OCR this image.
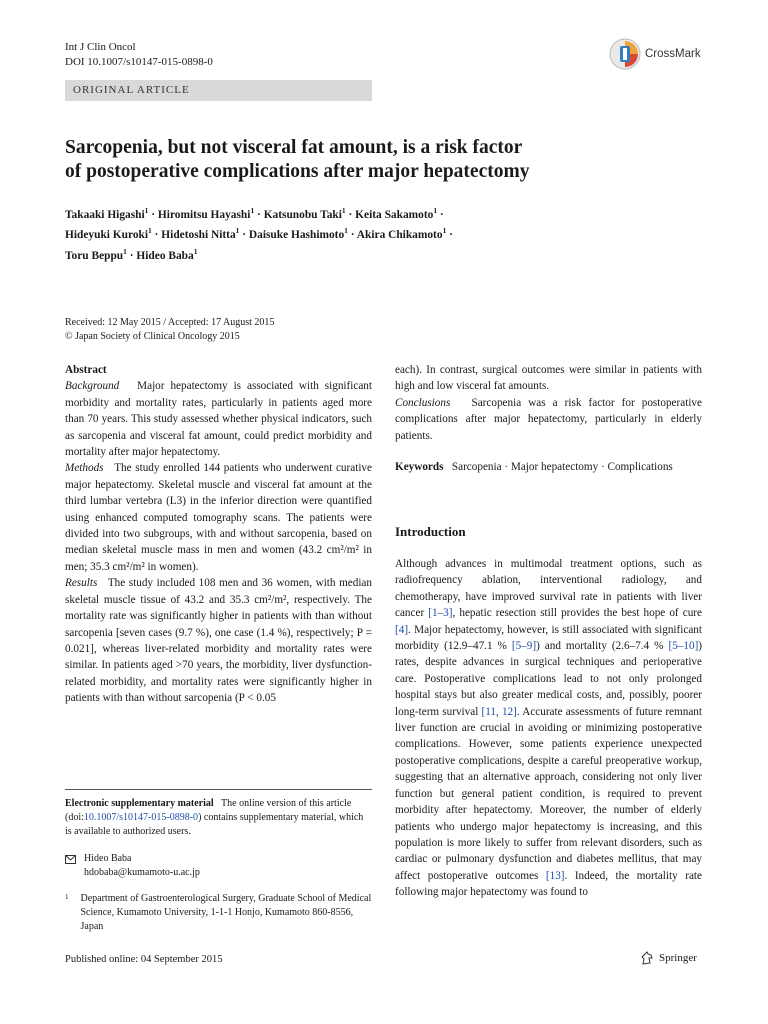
Int J Clin Oncol
DOI 10.1007/s10147-015-0898-0
CrossMark
ORIGINAL ARTICLE
Sarcopenia, but not visceral fat amount, is a risk factor
of postoperative complications after major hepatectomy
Takaaki Higashi$^1$ · Hiromitsu Hayashi$^1$ · Katsunobu Taki$^1$ · Keita Sakamoto$^1$ ·
Hideyuki Kuroki$^1$ · Hidetoshi Nitta$^1$ · Daisuke Hashimoto$^1$ · Akira Chikamoto$^1$ ·
Toru Beppu$^1$ · Hideo Baba$^1$
Received: 12 May 2015 / Accepted: 17 August 2015
© Japan Society of Clinical Oncology 2015

Abstract

Background Major hepatectomy is associated with significant morbidity and mortality rates, particularly in patients aged more than 70 years. This study assessed whether physical indicators, such as sarcopenia and visceral fat amount, could predict morbidity and mortality after major hepatectomy.

Methods The study enrolled 144 patients who underwent curative major hepatectomy. Skeletal muscle and visceral fat amount at the third lumbar vertebra (L3) in the inferior direction were quantified using enhanced computed tomography scans. The patients were divided into two subgroups, with and without sarcopenia, based on median skeletal muscle mass in men and women (43.2 cm²/m² in men; 35.3 cm²/m² in women).

Results The study included 108 men and 36 women, with median skeletal muscle tissue of 43.2 and 35.3 cm²/m², respectively. The mortality rate was significantly higher in patients with than without sarcopenia [seven cases (9.7 %), one case (1.4 %), respectively; P = 0.021], whereas liver-related morbidity and mortality rates were similar. In patients aged >70 years, the morbidity, liver dysfunction-related morbidity, and mortality rates were significantly higher in patients with than without sarcopenia (P < 0.05

each). In contrast, surgical outcomes were similar in patients with high and low visceral fat amounts.

Conclusions Sarcopenia was a risk factor for postoperative complications after major hepatectomy, particularly in elderly patients.

Keywords Sarcopenia · Major hepatectomy · Complications

Introduction

Although advances in multimodal treatment options, such as radiofrequency ablation, interventional radiology, and chemotherapy, have improved survival rate in patients with liver cancer [1–3], hepatic resection still provides the best hope of cure [4]. Major hepatectomy, however, is still associated with significant morbidity (12.9–47.1 % [5–9]) and mortality (2.6–7.4 % [5–10]) rates, despite advances in surgical techniques and perioperative care. Postoperative complications lead to not only prolonged hospital stays but also greater medical costs, and, possibly, poorer long-term survival [11, 12]. Accurate assessments of future remnant liver function are crucial in avoiding or minimizing postoperative complications. However, some patients experience unexpected postoperative complications, despite a careful preoperative workup, suggesting that an alternative approach, considering not only liver function but general patient condition, is required to prevent morbidity after hepatectomy. Moreover, the number of elderly patients who undergo major hepatectomy is increasing, and this population is more likely to suffer from relevant disorders, such as cardiac or pulmonary dysfunction and diabetes mellitus, that may affect postoperative outcomes [13]. Indeed, the mortality rate following major hepatectomy was found to

Electronic supplementary material The online version of this article (doi:10.1007/s10147-015-0898-0) contains supplementary material, which is available to authorized users.
Hideo Baba
hdobaba@kumamoto-u.ac.jp
1 Department of Gastroenterological Surgery, Graduate School of Medical Science, Kumamoto University, 1-1-1 Honjo, Kumamoto 860-8556, Japan
Published online: 04 September 2015	Springer
